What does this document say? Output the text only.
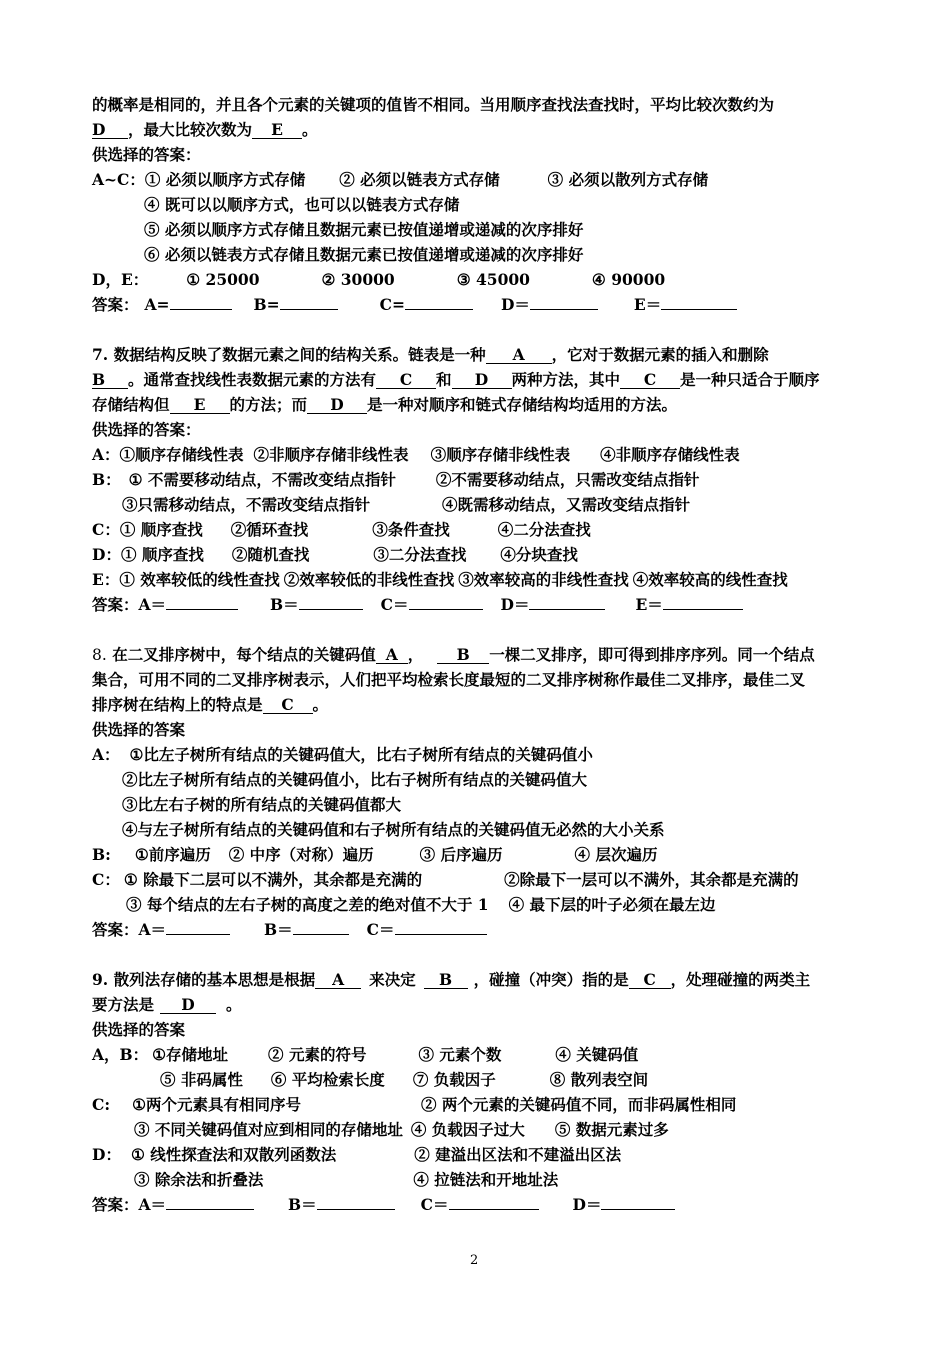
的概率是相同的，并且各个元素的关键项的值皆不相同。当用顺序查找法查找时，平均比较次数约为
D ，最大比较次数为 E 。
供选择的答案：
A~C：① 必须以顺序方式存储 ② 必须以链表方式存储	③ 必须以散列方式存储
④ 既可以以顺序方式，也可以以链表方式存储
⑤ 必须以顺序方式存储且数据元素已按值递增或递减的次序排好
⑥ 必须以链表方式存储且数据元素已按值递增或递减的次序排好
D，E： ① 25000	② 30000	③ 45000	④ 90000
答案： A=	B=	C=	D＝	E＝
7. 数据结构反映了数据元素之间的结构关系。链表是一种 A ，它对于数据元素的插入和删除
B 。通常查找线性表数据元素的方法有 C 和 D 两种方法，其中 C 是一种只适合于顺序
存储结构但 E 的方法；而 D 是一种对顺序和链式存储结构均适用的方法。
供选择的答案：
A：①顺序存储线性表 ②非顺序存储非线性表 ③顺序存储非线性表 ④非顺序存储线性表
B： ① 不需要移动结点，不需改变结点指针	②不需要移动结点，只需改变结点指针
③只需移动结点，不需改变结点指针	④既需移动结点，又需改变结点指针
C：① 顺序查找 ②循环查找	③条件查找	④二分法查找
D：① 顺序查找 ②随机查找	③二分法查找 ④分块查找
E：① 效率较低的线性查找 ②效率较低的非线性查找 ③效率较高的非线性查找 ④效率较高的线性查找
答案：A＝	B＝	C＝	D＝	E＝
8. 在二叉排序树中，每个结点的关键码值 A ， B 一棵二叉排序，即可得到排序序列。同一个结点
集合，可用不同的二叉排序树表示，人们把平均检索长度最短的二叉排序树称作最佳二叉排序，最佳二叉
排序树在结构上的特点是 C 。
供选择的答案
A： ①比左子树所有结点的关键码值大，比右子树所有结点的关键码值小
②比左子树所有结点的关键码值小，比右子树所有结点的关键码值大
③比左右子树的所有结点的关键码值都大
④与左子树所有结点的关键码值和右子树所有结点的关键码值无必然的大小关系
B: ①前序遍历 ② 中序（对称）遍历	③ 后序遍历	④ 层次遍历
C： ① 除最下二层可以不满外，其余都是充满的	②除最下一层可以不满外，其余都是充满的
③ 每个结点的左右子树的高度之差的绝对值不大于 1 ④ 最下层的叶子必须在最左边
答案：A＝	B＝	C＝
9. 散列法存储的基本思想是根据 A 来决定 B ，碰撞（冲突）指的是 C ，处理碰撞的两类主
要方法是 D 。
供选择的答案
A，B： ①存储地址	② 元素的符号	③ 元素个数	④ 关键码值
⑤ 非码属性 ⑥ 平均检索长度 ⑦ 负载因子	⑧ 散列表空间
C: ①两个元素具有相同序号	② 两个元素的关键码值不同，而非码属性相同
③ 不同关键码值对应到相同的存储地址 ④ 负载因子过大 ⑤ 数据元素过多
D： ① 线性探查法和双散列函数法	② 建溢出区法和不建溢出区法
③ 除余法和折叠法	④ 拉链法和开地址法
答案：A＝	B＝	C＝	D＝
2
